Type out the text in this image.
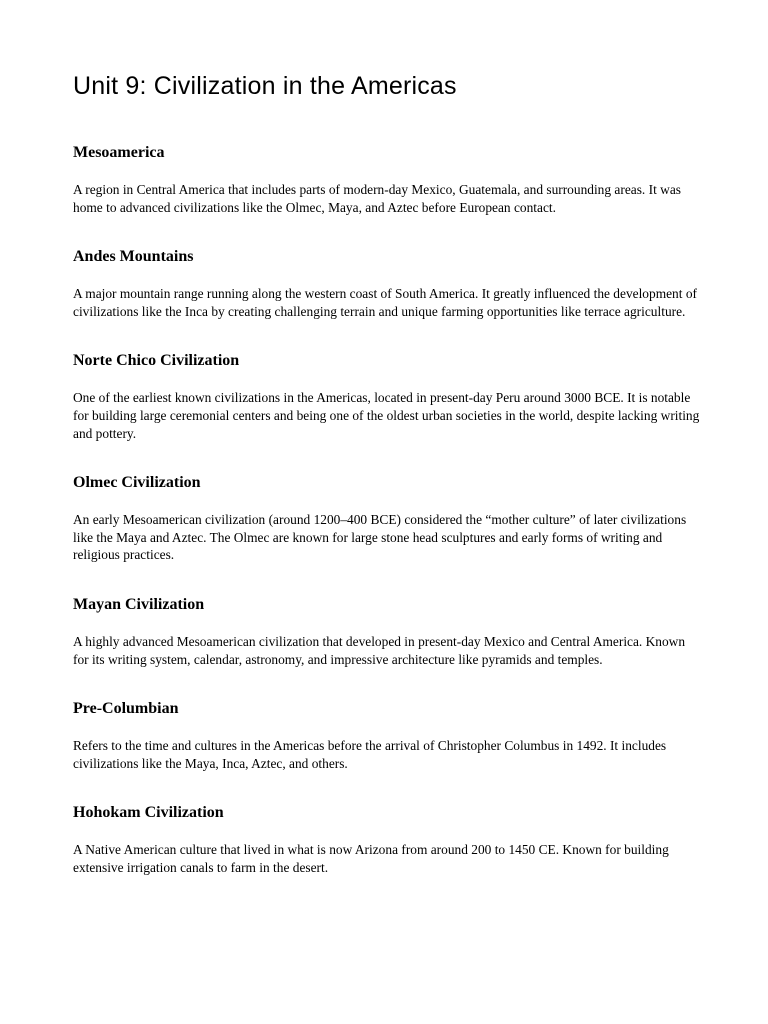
Unit 9: Civilization in the Americas
Mesoamerica

A region in Central America that includes parts of modern-day Mexico, Guatemala, and surrounding areas. It was home to advanced civilizations like the Olmec, Maya, and Aztec before European contact.

Andes Mountains

A major mountain range running along the western coast of South America. It greatly influenced the development of civilizations like the Inca by creating challenging terrain and unique farming opportunities like terrace agriculture.

Norte Chico Civilization

One of the earliest known civilizations in the Americas, located in present-day Peru around 3000 BCE. It is notable for building large ceremonial centers and being one of the oldest urban societies in the world, despite lacking writing and pottery.

Olmec Civilization

An early Mesoamerican civilization (around 1200–400 BCE) considered the “mother culture” of later civilizations like the Maya and Aztec. The Olmec are known for large stone head sculptures and early forms of writing and religious practices.

Mayan Civilization

A highly advanced Mesoamerican civilization that developed in present-day Mexico and Central America. Known for its writing system, calendar, astronomy, and impressive architecture like pyramids and temples.

Pre-Columbian

Refers to the time and cultures in the Americas before the arrival of Christopher Columbus in 1492. It includes civilizations like the Maya, Inca, Aztec, and others.

Hohokam Civilization

A Native American culture that lived in what is now Arizona from around 200 to 1450 CE. Known for building extensive irrigation canals to farm in the desert.
